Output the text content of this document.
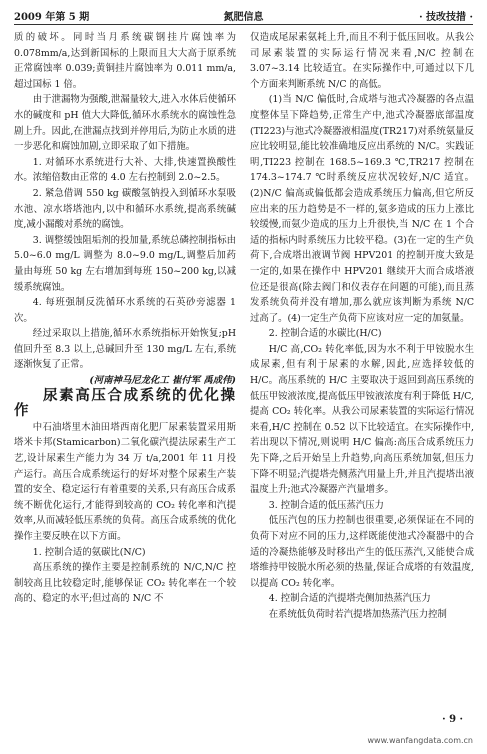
2009 年第 5 期	氮肥信息	· 技改技措 ·

质的破坏。同时当月系统碳钢挂片腐蚀率为 0.078mm/a,达到新国标的上限而且大大高于原系统正常腐蚀率 0.039;黄铜挂片腐蚀率为 0.011 mm/a,超过国标 1 倍。

由于泄漏物为强酸,泄漏量较大,进入水体后使循环水的碱度和 pH 值大大降低,循环水系统水的腐蚀性急剧上升。因此,在泄漏点找到并停用后,为防止水质的进一步恶化和腐蚀加剧,立即采取了如下措施。

1. 对循环水系统进行大补、大排,快速置换酸性水。浓缩倍数由正常的 4.0 左右控制到 2.0~2.5。

2. 紧急借调 550 kg 碳酸氢钠投入到循环水泵吸水池、凉水塔塔池内,以中和循环水系统,提高系统碱度,减小漏酸对系统的腐蚀。

3. 调整缓蚀阻垢剂的投加量,系统总磷控制指标由 5.0~6.0 mg/L 调整为 8.0~9.0 mg/L,调整后加药量由每班 50 kg 左右增加到每班 150~200 kg,以减缓系统腐蚀。

4. 每班强制反洗循环水系统的石英砂旁滤器 1 次。

经过采取以上措施,循环水系统指标开始恢复;pH 值回升至 8.3 以上,总碱回升至 130 mg/L 左右,系统逐渐恢复了正常。

(河南神马尼龙化工 崔付军 禹成伟)

尿素高压合成系统的优化操作

中石油塔里木油田塔西南化肥厂尿素装置采用斯塔米卡邦(Stamicarbon)二氧化碳汽提法尿素生产工艺,设计尿素生产能力为 34 万 t/a,2001 年 11 月投产运行。高压合成系统运行的好坏对整个尿素生产装置的安全、稳定运行有着重要的关系,只有高压合成系统不断优化运行,才能得到较高的 CO₂ 转化率和汽提效率,从而减轻低压系统的负荷。高压合成系统的优化操作主要反映在以下方面。

1. 控制合适的氨碳比(N/C)

高压系统的操作主要是控制系统的 N/C,N/C 控制较高且比较稳定时,能够保证 CO₂ 转化率在一个较高的、稳定的水平;但过高的 N/C 不

仅造成尾尿素氨耗上升,而且不利于低压回收。从我公司尿素装置的实际运行情况来看,N/C 控制在 3.07~3.14 比较适宜。在实际操作中,可通过以下几个方面来判断系统 N/C 的高低。

(1)当 N/C 偏低时,合成塔与池式冷凝器的各点温度整体呈下降趋势,正常生产中,池式冷凝器底部温度(TI223)与池式冷凝器液相温度(TR217)对系统氨量反应比较明显,能比较准确地反应出系统的 N/C。实践证明,TI223 控制在 168.5~169.3 ℃,TR217 控制在 174.3~174.7 ℃时系统反应状况较好,N/C 适宜。(2)N/C 偏高或偏低都会造成系统压力偏高,但它所反应出来的压力趋势是不一样的,氨多造成的压力上涨比较缓慢,而氨少造成的压力上升很快,当 N/C 在 1 个合适的指标内时系统压力比较平稳。(3)在一定的生产负荷下,合成塔出液调节阀 HPV201 的控制开度大致是一定的,如果在操作中 HPV201 继续开大而合成塔液位还是很高(除去阀门和仪表存在问题的可能),而且蒸发系统负荷并没有增加,那么就应该判断为系统 N/C 过高了。(4)一定生产负荷下应该对应一定的加氨量。

2. 控制合适的水碳比(H/C)

H/C 高,CO₂ 转化率低,因为水不利于甲铵脱水生成尿素,但有利于尿素的水解,因此,应选择较低的 H/C。高压系统的 H/C 主要取决于返回到高压系统的低压甲铵液浓度,提高低压甲铵液浓度有利于降低 H/C,提高 CO₂ 转化率。从我公司尿素装置的实际运行情况来看,H/C 控制在 0.52 以下比较适宜。在实际操作中,若出现以下情况,则说明 H/C 偏高:高压合成系统压力先下降,之后开始呈上升趋势,向高压系统加氨,但压力下降不明显;汽提塔壳侧蒸汽用量上升,并且汽提塔出液温度上升;池式冷凝器产汽量增多。

3. 控制合适的低压蒸汽压力

低压汽包的压力控制也很重要,必须保证在不同的负荷下对应不同的压力,这样既能使池式冷凝器中的合适的冷凝热能够及时移出产生的低压蒸汽,又能使合成塔维持甲铵脱水所必须的热量,保证合成塔的有效温度,以提高 CO₂ 转化率。

4. 控制合适的汽提塔壳侧加热蒸汽压力

在系统低负荷时若汽提塔加热蒸汽压力控制

· 9 ·
www.wanfangdata.com.cn
